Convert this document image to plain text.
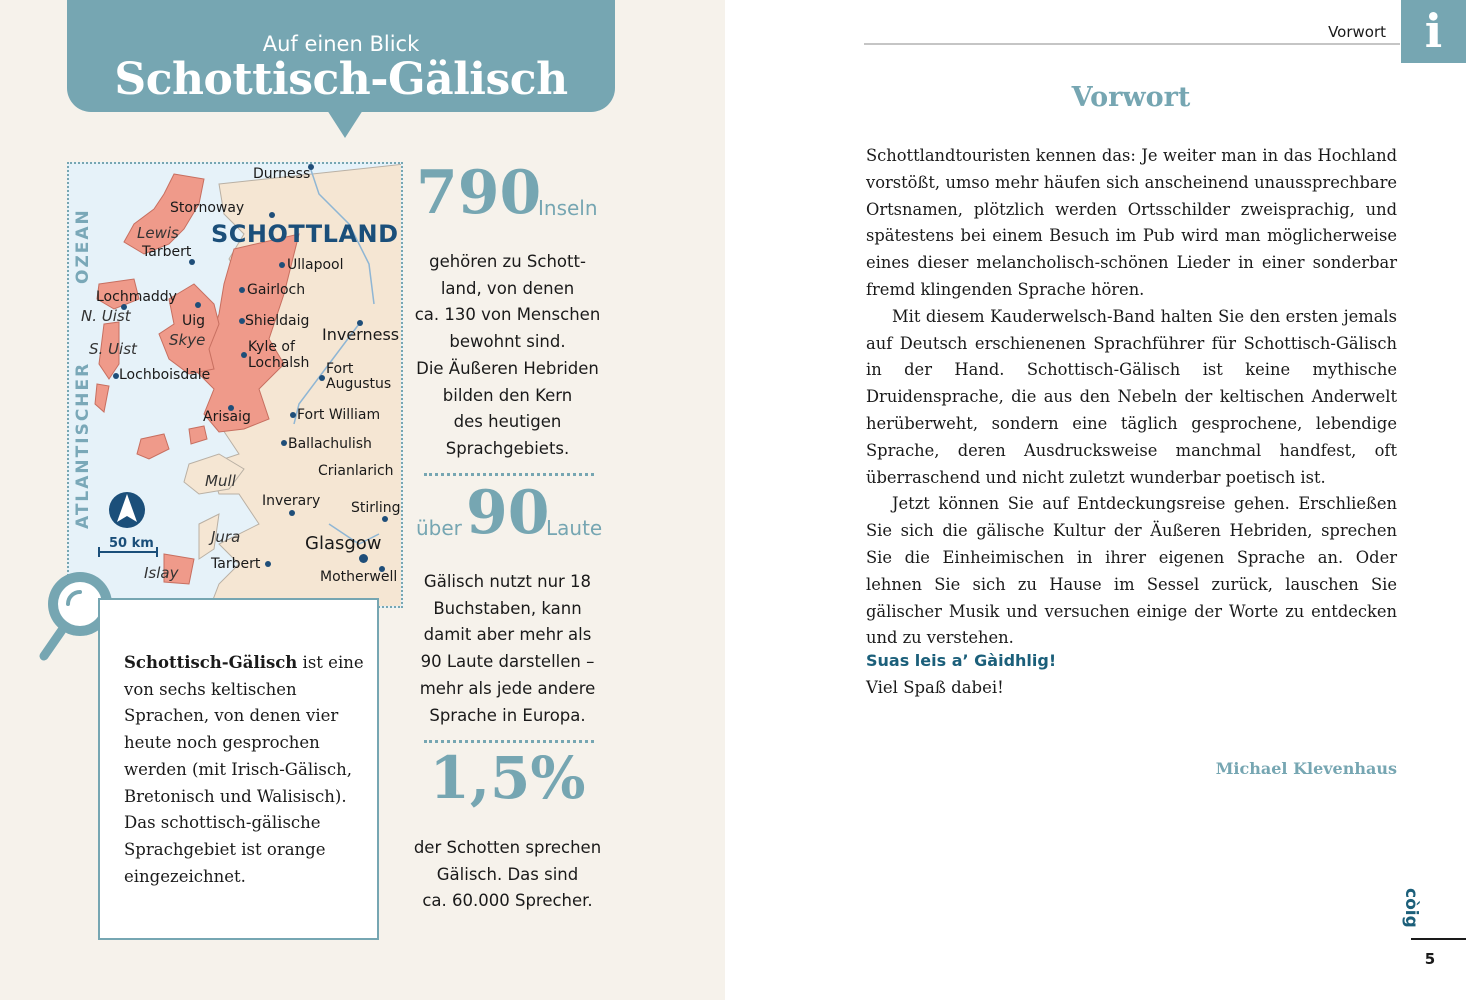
Auf einen Blick
Schottisch-Gälisch
OZEAN
ATLANTISCHER
SCHOTTLAND
50 km
Durness
Stornoway
Lewis
Tarbert
Ullapool
Gairloch
Lochmaddy
N. Uist	Uig	Shieldaig
Inverness
Skye
S. Uist	Kyle of
Lochalsh Fort
Augustus
Lochboisdale
Arisaig	Fort William
Ballachulish
Crianlarich
Mull
Inverary Stirling
Jura	Glasgow
Islay Tarbert
Motherwell
Schottisch-Gälisch ist eine von sechs keltischen Sprachen, von denen vier heute noch gesprochen werden (mit Irisch-Gälisch, Bretonisch und Walisisch). Das schottisch-gälische Sprachgebiet ist orange eingezeichnet.
790
Inseln
gehören zu Schott-
land, von denen
ca. 130 von Menschen
bewohnt sind.
Die Äußeren Hebriden
bilden den Kern
des heutigen
Sprachgebiets.
über 90
Laute
Gälisch nutzt nur 18
Buchstaben, kann
damit aber mehr als
90 Laute darstellen –
mehr als jede andere
Sprache in Europa.
1,5%
der Schotten sprechen
Gälisch. Das sind
ca. 60.000 Sprecher.
Vorwort i
Vorwort

Schottlandtouristen kennen das: Je weiter man in das Hochland vorstößt, umso mehr häufen sich anscheinend unaussprechbare Ortsnamen, plötzlich werden Ortsschilder zweisprachig, und spätestens bei einem Besuch im Pub wird man möglicherweise eines dieser melancholisch-schönen Lieder in einer sonderbar fremd klingenden Sprache hören.

Mit diesem Kauderwelsch-Band halten Sie den ersten jemals auf Deutsch erschienenen Sprachführer für Schottisch-Gälisch in der Hand. Schottisch-Gälisch ist keine mythische Druidensprache, die aus den Nebeln der keltischen Anderwelt herüberweht, sondern eine täglich gesprochene, lebendige Sprache, deren Ausdrucksweise manchmal handfest, oft überraschend und nicht zuletzt wunderbar poetisch ist.

Jetzt können Sie auf Entdeckungsreise gehen. Erschließen Sie sich die gälische Kultur der Äußeren Hebriden, sprechen Sie die Einheimischen in ihrer eigenen Sprache an. Oder lehnen Sie sich zu Hause im Sessel zurück, lauschen Sie gälischer Musik und versuchen einige der Worte zu entdecken und zu verstehen.

Suas leis a’ Gàidhlig!
Viel Spaß dabei!
Michael Klevenhaus
còig
5
